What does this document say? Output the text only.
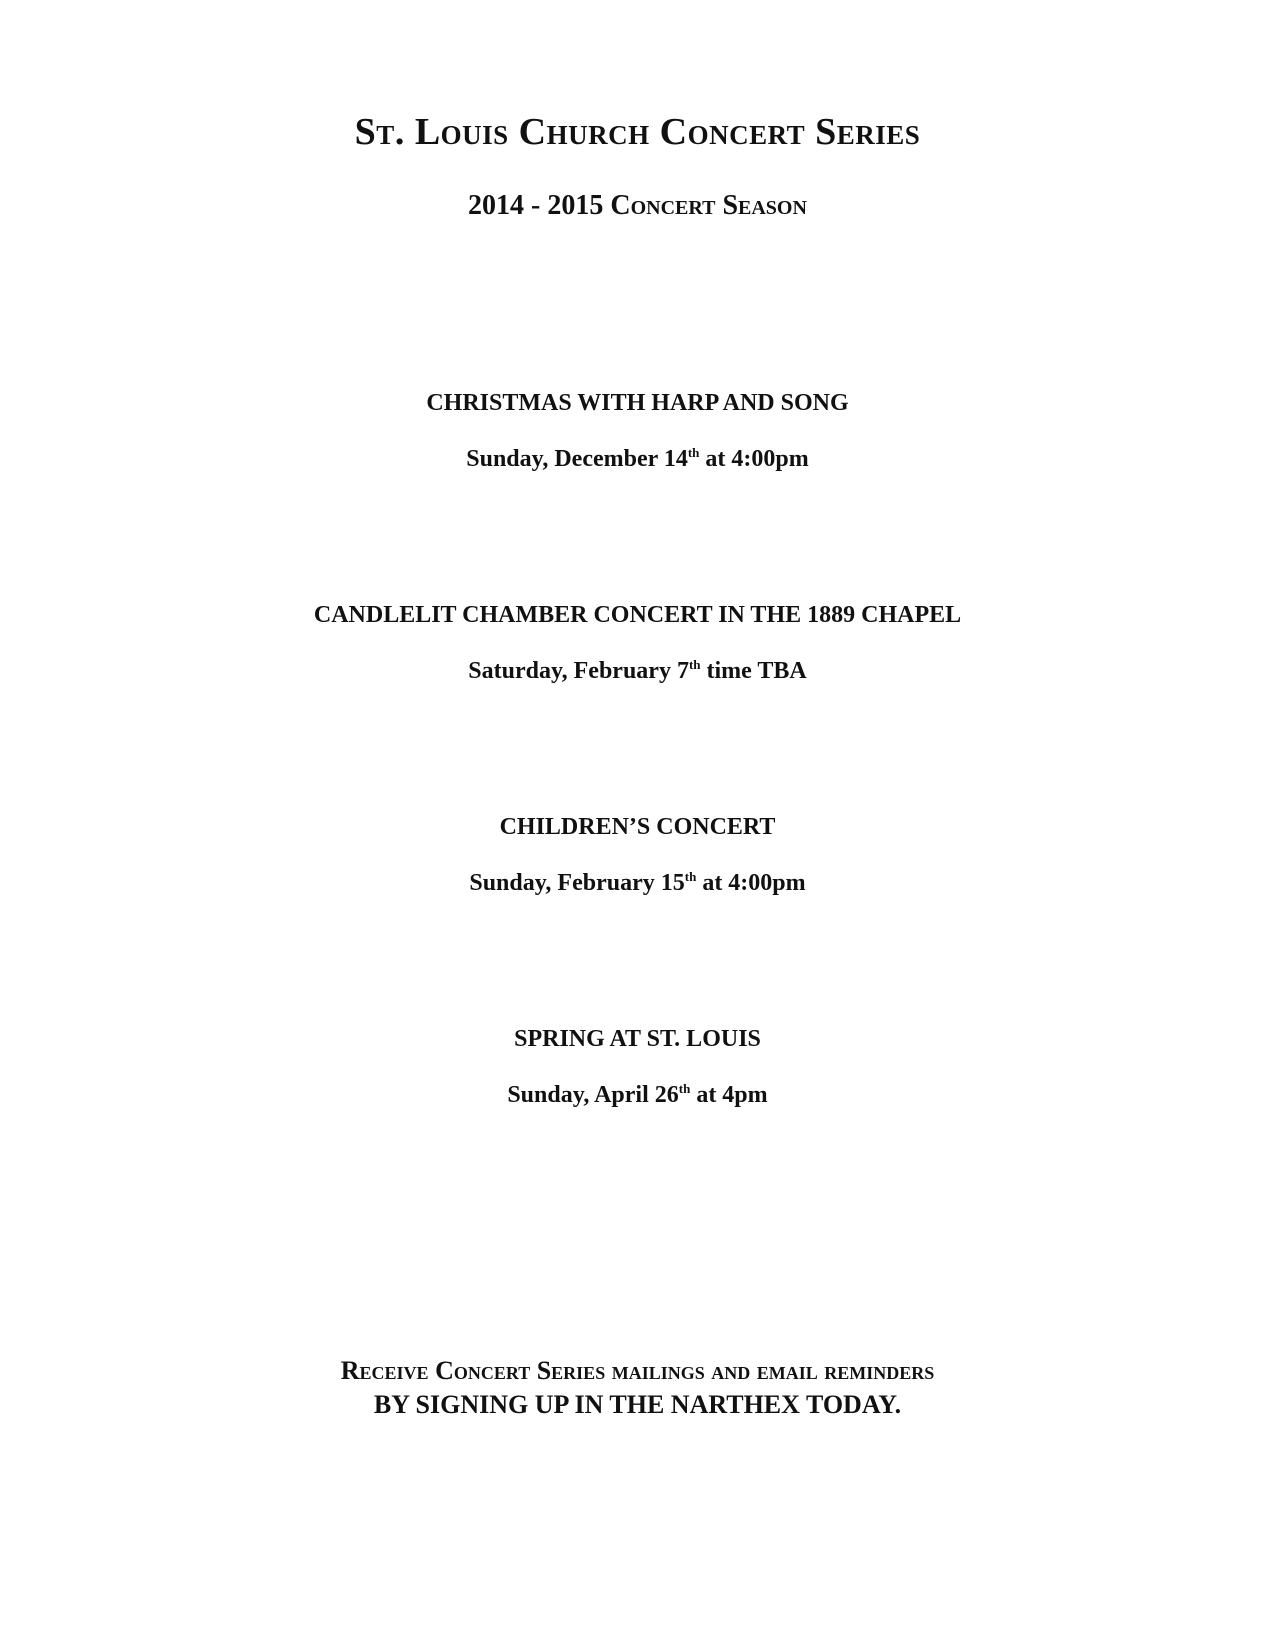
St. Louis Church Concert Series
2014 - 2015 Concert Season

CHRISTMAS WITH HARP AND SONG

Sunday, December 14th at 4:00pm

CANDLELIT CHAMBER CONCERT IN THE 1889 CHAPEL

Saturday, February 7th time TBA

CHILDREN’S CONCERT

Sunday, February 15th at 4:00pm

SPRING AT ST. LOUIS

Sunday, April 26th at 4pm

Receive Concert Series mailings and email reminders

BY SIGNING UP IN THE NARTHEX TODAY.
